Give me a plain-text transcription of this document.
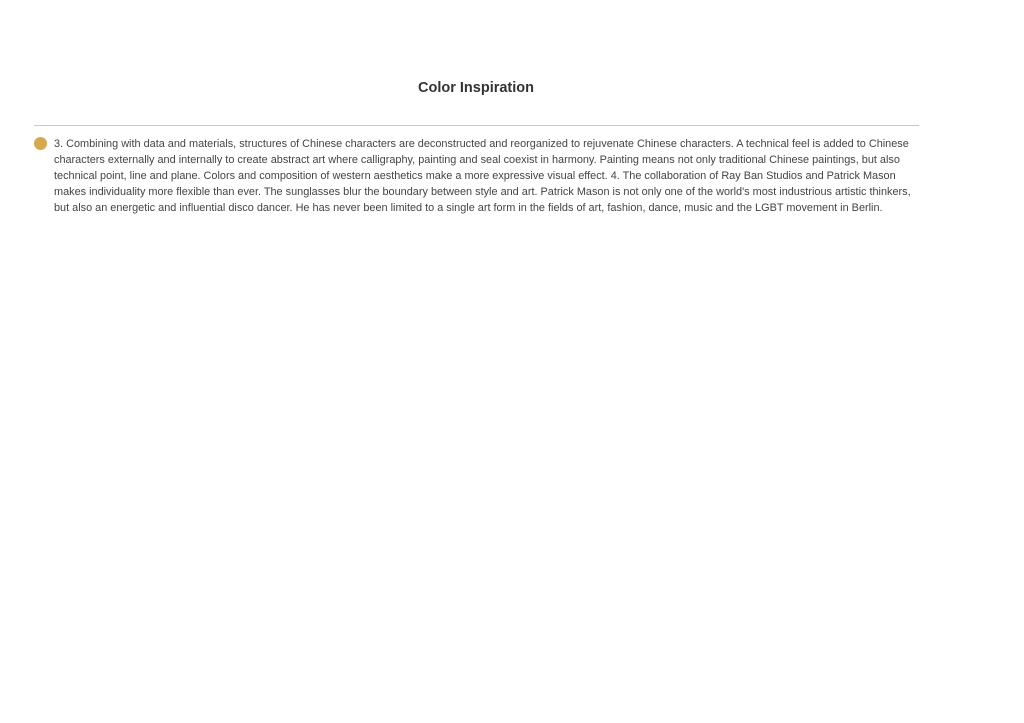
Color Inspiration

3. Combining with data and materials, structures of Chinese characters are deconstructed and reorganized to rejuvenate Chinese characters. A technical feel is added to Chinese characters externally and internally to create abstract art where calligraphy, painting and seal coexist in harmony. Painting means not only traditional Chinese paintings, but also technical point, line and plane. Colors and composition of western aesthetics make a more expressive visual effect. 4. The collaboration of Ray Ban Studios and Patrick Mason makes individuality more flexible than ever. The sunglasses blur the boundary between style and art. Patrick Mason is not only one of the world's most industrious artistic thinkers, but also an energetic and influential disco dancer. He has never been limited to a single art form in the fields of art, fashion, dance, music and the LGBT movement in Berlin.
